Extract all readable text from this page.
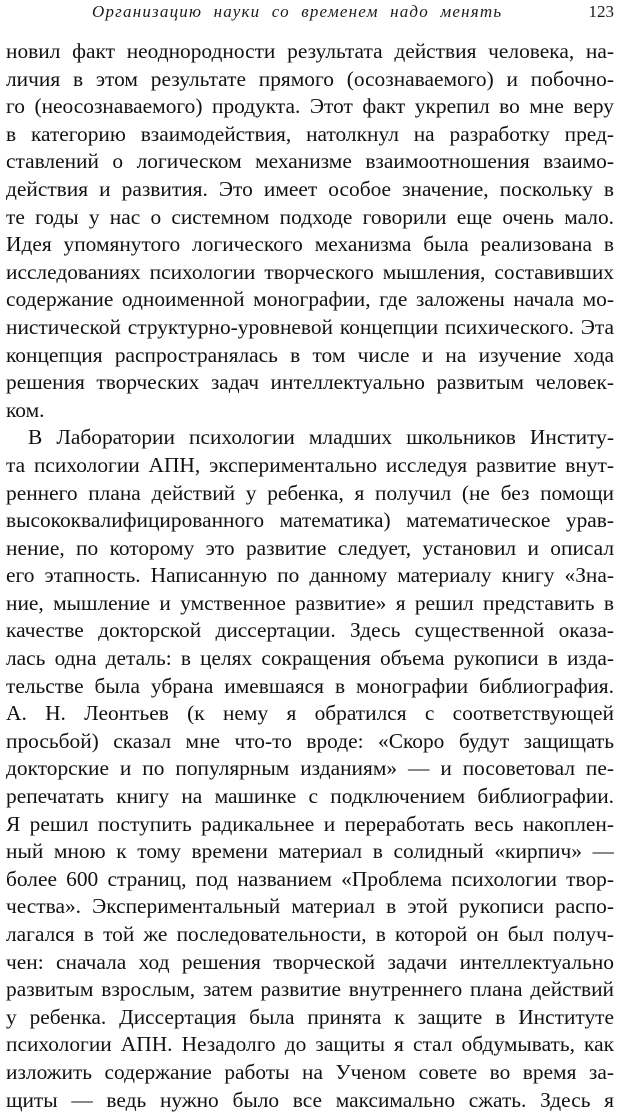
Организацию науки со временем надо менять	123
новил факт неоднородности результата действия человека, на-
личия в этом результате прямого (осознаваемого) и побочно-
го (неосознаваемого) продукта. Этот факт укрепил во мне веру
в категорию взаимодействия, натолкнул на разработку пред-
ставлений о логическом механизме взаимоотношения взаимо-
действия и развития. Это имеет особое значение, поскольку в
те годы у нас о системном подходе говорили еще очень мало.
Идея упомянутого логического механизма была реализована в
исследованиях психологии творческого мышления, составивших
содержание одноименной монографии, где заложены начала мо-
нистической структурно-уровневой концепции психического. Эта
концепция распространялась в том числе и на изучение хода
решения творческих задач интеллектуально развитым человек-
ком.
В Лаборатории психологии младших школьников Институ-
та психологии АПН, экспериментально исследуя развитие внут-
реннего плана действий у ребенка, я получил (не без помощи
высококвалифицированного математика) математическое урав-
нение, по которому это развитие следует, установил и описал
его этапность. Написанную по данному материалу книгу «Зна-
ние, мышление и умственное развитие» я решил представить в
качестве докторской диссертации. Здесь существенной оказа-
лась одна деталь: в целях сокращения объема рукописи в изда-
тельстве была убрана имевшаяся в монографии библиография.
А. Н. Леонтьев (к нему я обратился с соответствующей
просьбой) сказал мне что-то вроде: «Скоро будут защищать
докторские и по популярным изданиям» — и посоветовал пе-
репечатать книгу на машинке с подключением библиографии.
Я решил поступить радикальнее и переработать весь накоплен-
ный мною к тому времени материал в солидный «кирпич» —
более 600 страниц, под названием «Проблема психологии твор-
чества». Экспериментальный материал в этой рукописи распо-
лагался в той же последовательности, в которой он был получ-
чен: сначала ход решения творческой задачи интеллектуально
развитым взрослым, затем развитие внутреннего плана действий
у ребенка. Диссертация была принята к защите в Институте
психологии АПН. Незадолго до защиты я стал обдумывать, как
изложить содержание работы на Ученом совете во время за-
щиты — ведь нужно было все максимально сжать. Здесь я
